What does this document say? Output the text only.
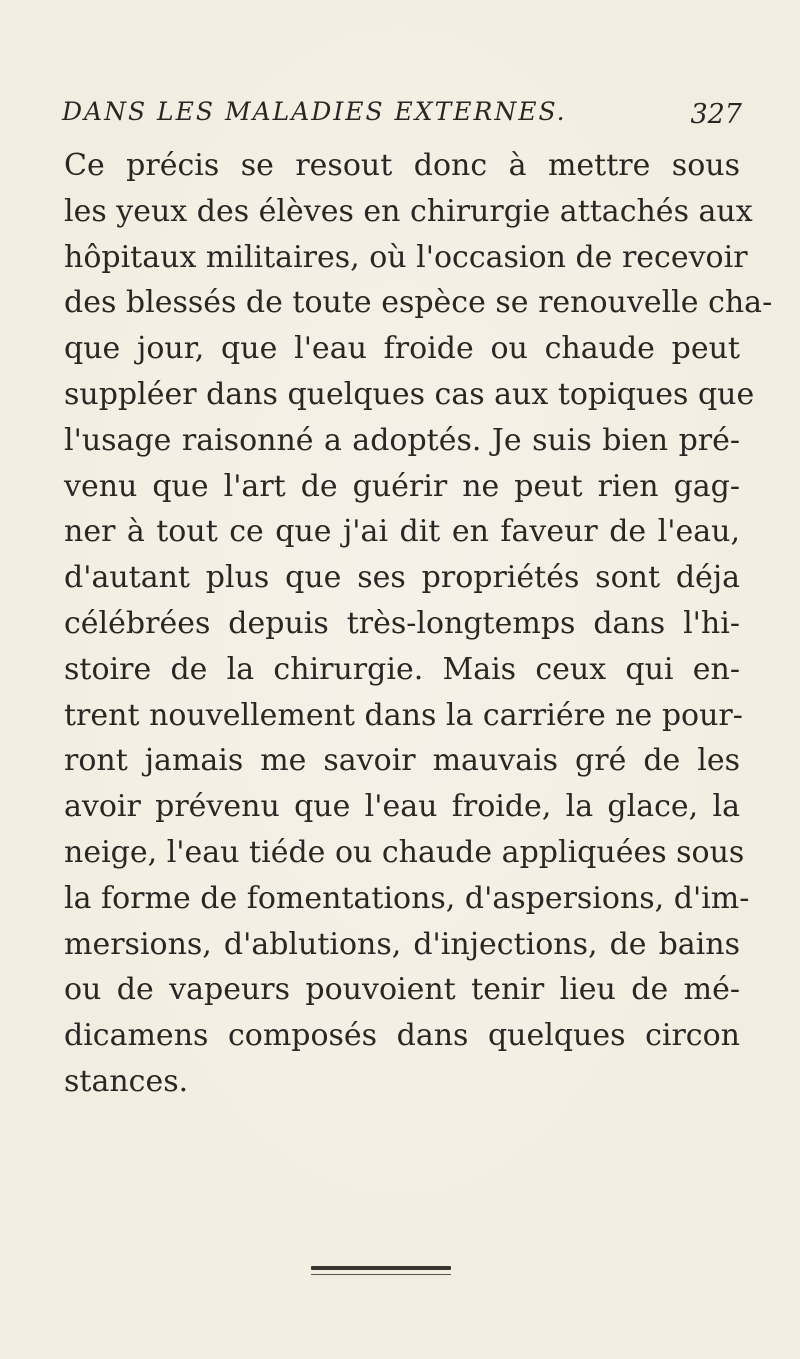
DANS LES MALADIES EXTERNES.	327
Ce précis se resout donc à mettre sous
les yeux des élèves en chirurgie attachés aux
hôpitaux militaires, où l'occasion de recevoir
des blessés de toute espèce se renouvelle cha-
que jour, que l'eau froide ou chaude peut
suppléer dans quelques cas aux topiques que
l'usage raisonné a adoptés. Je suis bien pré-
venu que l'art de guérir ne peut rien gag-
ner à tout ce que j'ai dit en faveur de l'eau,
d'autant plus que ses propriétés sont déja
célébrées depuis très-longtemps dans l'hi-
stoire de la chirurgie. Mais ceux qui en-
trent nouvellement dans la carriére ne pour-
ront jamais me savoir mauvais gré de les
avoir prévenu que l'eau froide, la glace, la
neige, l'eau tiéde ou chaude appliquées sous
la forme de fomentations, d'aspersions, d'im-
mersions, d'ablutions, d'injections, de bains
ou de vapeurs pouvoient tenir lieu de mé-
dicamens composés dans quelques circon
stances.
